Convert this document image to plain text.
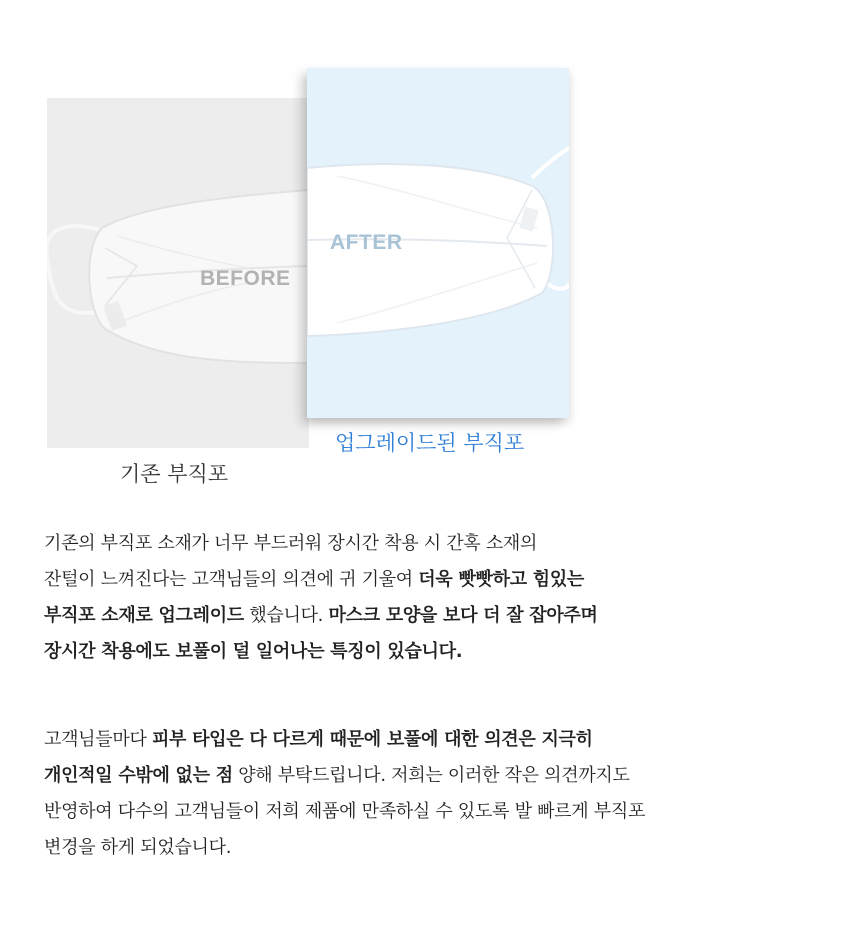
BEFORE
AFTER
업그레이드된 부직포
기존 부직포
기존의 부직포 소재가 너무 부드러워 장시간 착용 시 간혹 소재의
잔털이 느껴진다는 고객님들의 의견에 귀 기울여 더욱 빳빳하고 힘있는
부직포 소재로 업그레이드 했습니다. 마스크 모양을 보다 더 잘 잡아주며
장시간 착용에도 보풀이 덜 일어나는 특징이 있습니다.
고객님들마다 피부 타입은 다 다르게 때문에 보풀에 대한 의견은 지극히
개인적일 수밖에 없는 점 양해 부탁드립니다. 저희는 이러한 작은 의견까지도
반영하여 다수의 고객님들이 저희 제품에 만족하실 수 있도록 발 빠르게 부직포
변경을 하게 되었습니다.
